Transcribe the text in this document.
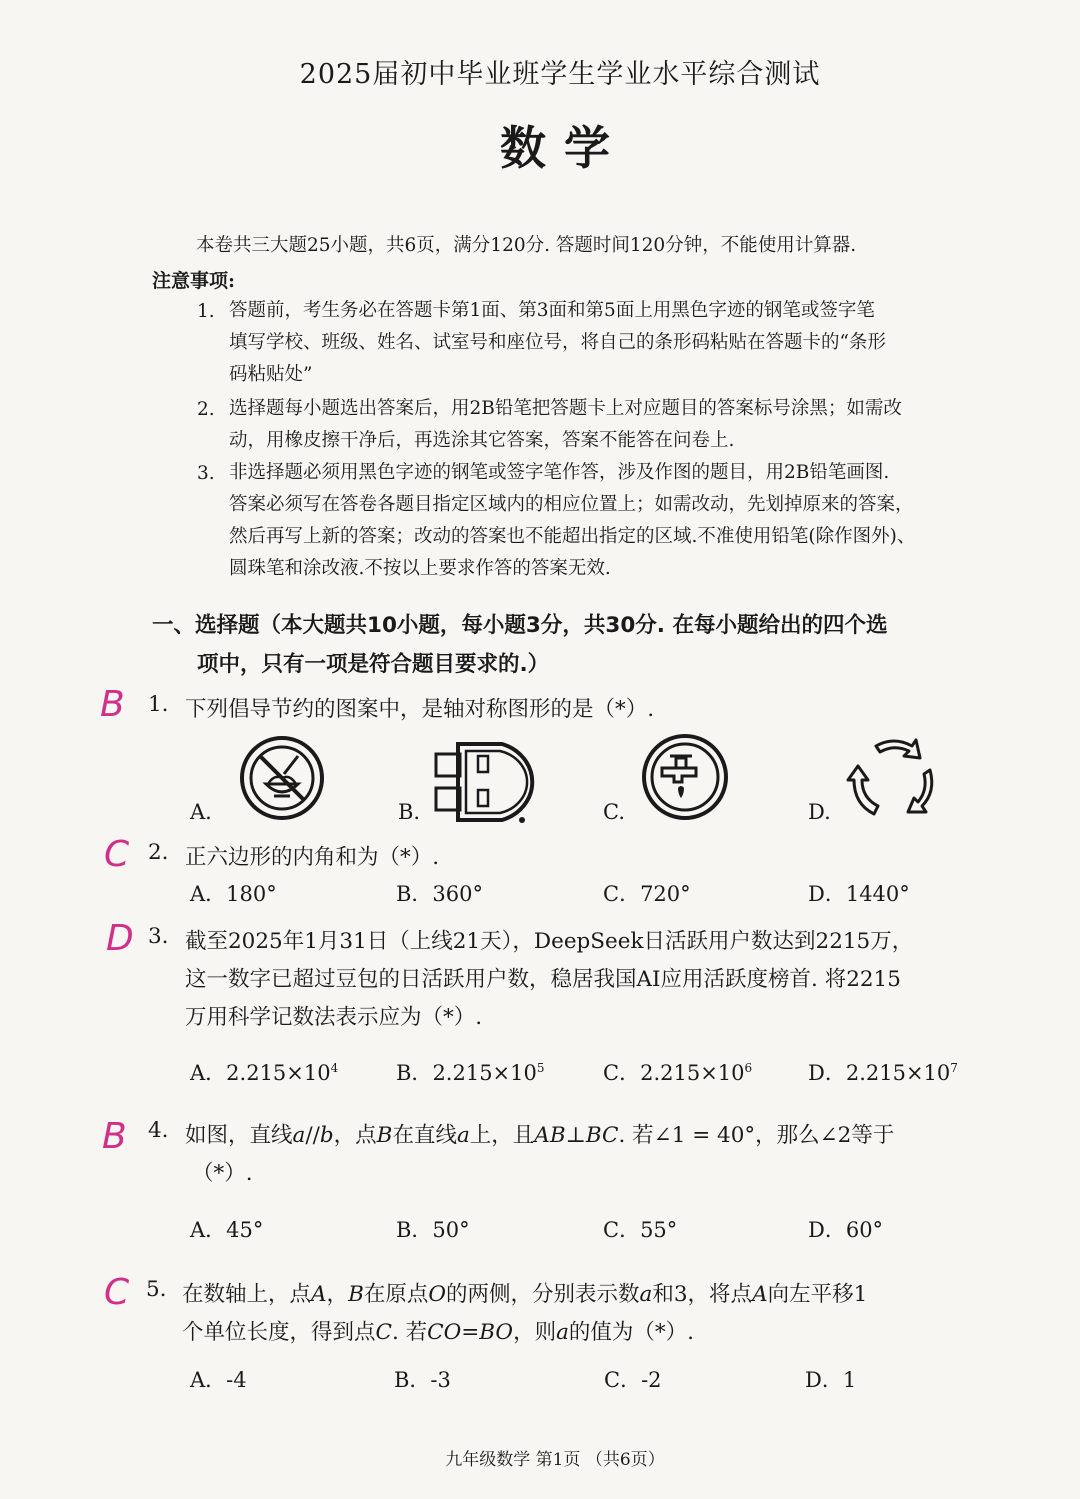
2025届初中毕业班学生学业水平综合测试
数学
本卷共三大题25小题，共6页，满分120分. 答题时间120分钟，不能使用计算器.
注意事项:
1. 答题前，考生务必在答题卡第1面、第3面和第5面上用黑色字迹的钢笔或签字笔
填写学校、班级、姓名、试室号和座位号，将自己的条形码粘贴在答题卡的“条形
码粘贴处”
2. 选择题每小题选出答案后，用2B铅笔把答题卡上对应题目的答案标号涂黑；如需改
动，用橡皮擦干净后，再选涂其它答案，答案不能答在问卷上.
3. 非选择题必须用黑色字迹的钢笔或签字笔作答，涉及作图的题目，用2B铅笔画图.
答案必须写在答卷各题目指定区域内的相应位置上；如需改动，先划掉原来的答案，
然后再写上新的答案；改动的答案也不能超出指定的区域.不准使用铅笔(除作图外)、
圆珠笔和涂改液.不按以上要求作答的答案无效.
一、选择题（本大题共10小题，每小题3分，共30分. 在每小题给出的四个选
项中，只有一项是符合题目要求的.）
B 1. 下列倡导节约的图案中，是轴对称图形的是（*）.
A.	B.	C.	D.
C 2. 正六边形的内角和为（*）.
A．180°	B．360°	C．720°	D．1440°
D 3. 截至2025年1月31日（上线21天），DeepSeek日活跃用户数达到2215万，
这一数字已超过豆包的日活跃用户数，稳居我国AI应用活跃度榜首. 将2215
万用科学记数法表示应为（*）.
A．$2.215\times 10^4$	B．$2.215\times 10^5$	C．$2.215\times 10^6$	D．$2.215\times 10^7$
B 4. 如图，直线a//b，点B在直线a上，且AB⊥BC. 若∠1 = 40°，那么∠2等于
（*）.
A．45°	B．50°	C．55°	D．60°
C 5. 在数轴上，点A，B在原点O的两侧，分别表示数a和3，将点A向左平移1
个单位长度，得到点C. 若CO=BO，则a的值为（*）.
A．-4	B．-3	C．-2	D．1
九年级数学 第1页 （共6页）
